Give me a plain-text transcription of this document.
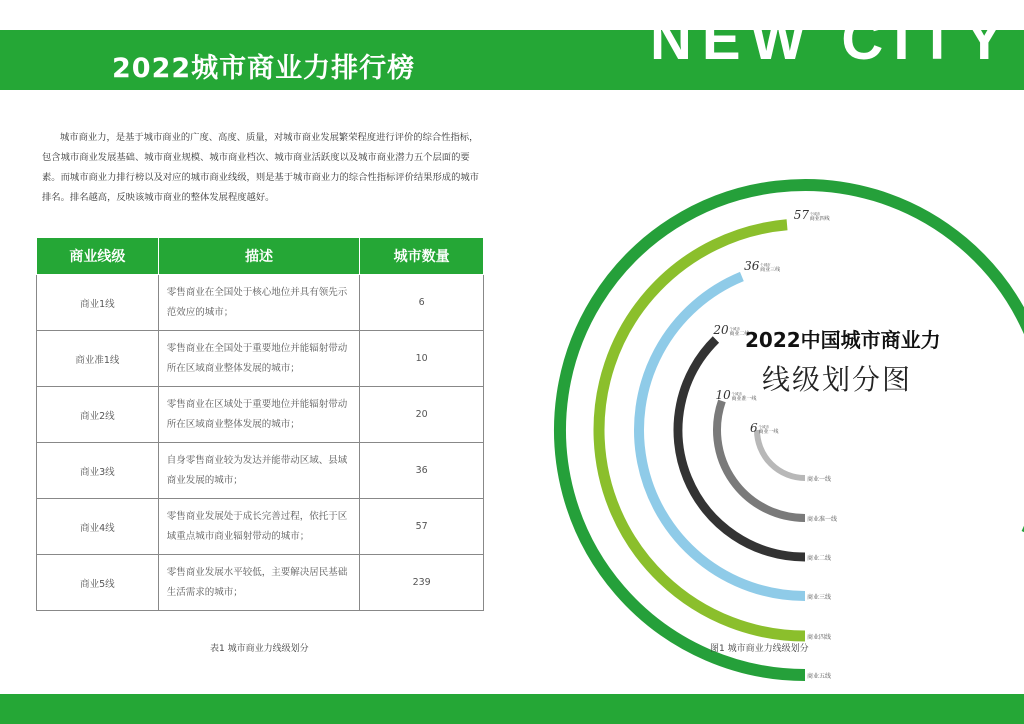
NEW CITY
2022城市商业力排行榜
城市商业力，是基于城市商业的广度、高度、质量，对城市商业发展繁荣程度进行评价的综合性指标，包含城市商业发展基础、城市商业规模、城市商业档次、城市商业活跃度以及城市商业潜力五个层面的要素。而城市商业力排行榜以及对应的城市商业线级，则是基于城市商业力的综合性指标评价结果形成的城市排名。排名越高，反映该城市商业的整体发展程度越好。
商业线级	描述	城市数量
商业1线	零售商业在全国处于核心地位并具有领先示范效应的城市；	6
商业准1线	零售商业在全国处于重要地位并能辐射带动所在区域商业整体发展的城市；	10
商业2线	零售商业在区域处于重要地位并能辐射带动所在区域商业整体发展的城市；	20
商业3线	自身零售商业较为发达并能带动区域、县域商业发展的城市；	36
商业4线	零售商业发展处于成长完善过程，依托于区域重点城市商业辐射带动的城市；	57
商业5线	零售商业发展水平较低，主要解决居民基础生活需求的城市；	239
表1 城市商业力线级划分
商业一线
6 个城市
商业一线
商业准一线
10 个城市
商业准一线
商业二线
20 个城市
商业二线
商业三线
36 个城市
商业三线
商业四线
57 个城市
商业四线
商业五线
2022中国城市商业力
线级划分图
图1 城市商业力线级划分
